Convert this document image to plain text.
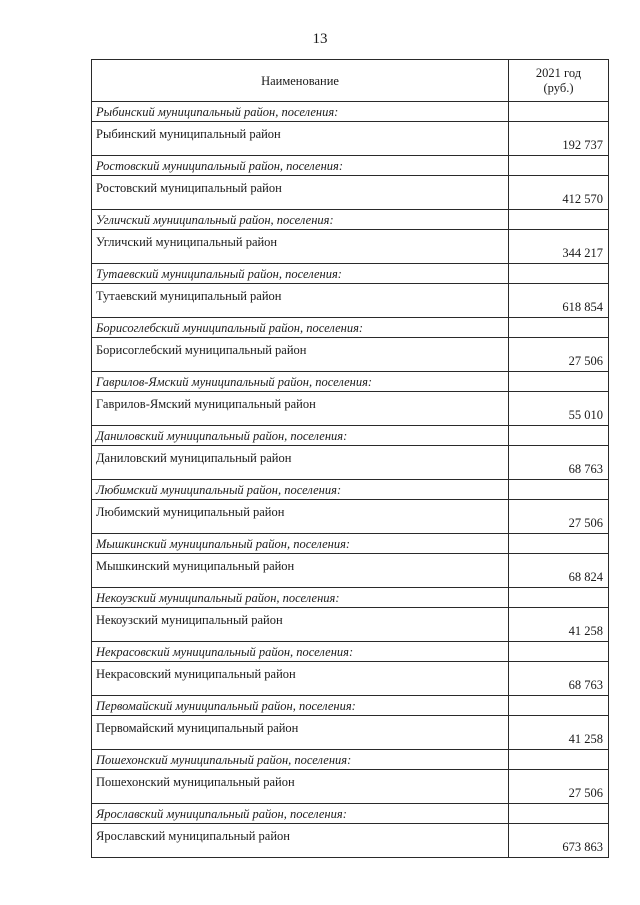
13
Наименование	2021 год
(руб.)
Рыбинский муниципальный район, поселения:	
Рыбинский муниципальный район	192 737
Ростовский муниципальный район, поселения:	
Ростовский муниципальный район	412 570
Угличский муниципальный район, поселения:	
Угличский муниципальный район	344 217
Тутаевский муниципальный район, поселения:	
Тутаевский муниципальный район	618 854
Борисоглебский муниципальный район, поселения:	
Борисоглебский муниципальный район	27 506
Гаврилов-Ямский муниципальный район, поселения:	
Гаврилов-Ямский муниципальный район	55 010
Даниловский муниципальный район, поселения:	
Даниловский муниципальный район	68 763
Любимский муниципальный район, поселения:	
Любимский муниципальный район	27 506
Мышкинский муниципальный район, поселения:	
Мышкинский муниципальный район	68 824
Некоузский муниципальный район, поселения:	
Некоузский муниципальный район	41 258
Некрасовский муниципальный район, поселения:	
Некрасовский муниципальный район	68 763
Первомайский муниципальный район, поселения:	
Первомайский муниципальный район	41 258
Пошехонский муниципальный район, поселения:	
Пошехонский муниципальный район	27 506
Ярославский муниципальный район, поселения:	
Ярославский муниципальный район	673 863
